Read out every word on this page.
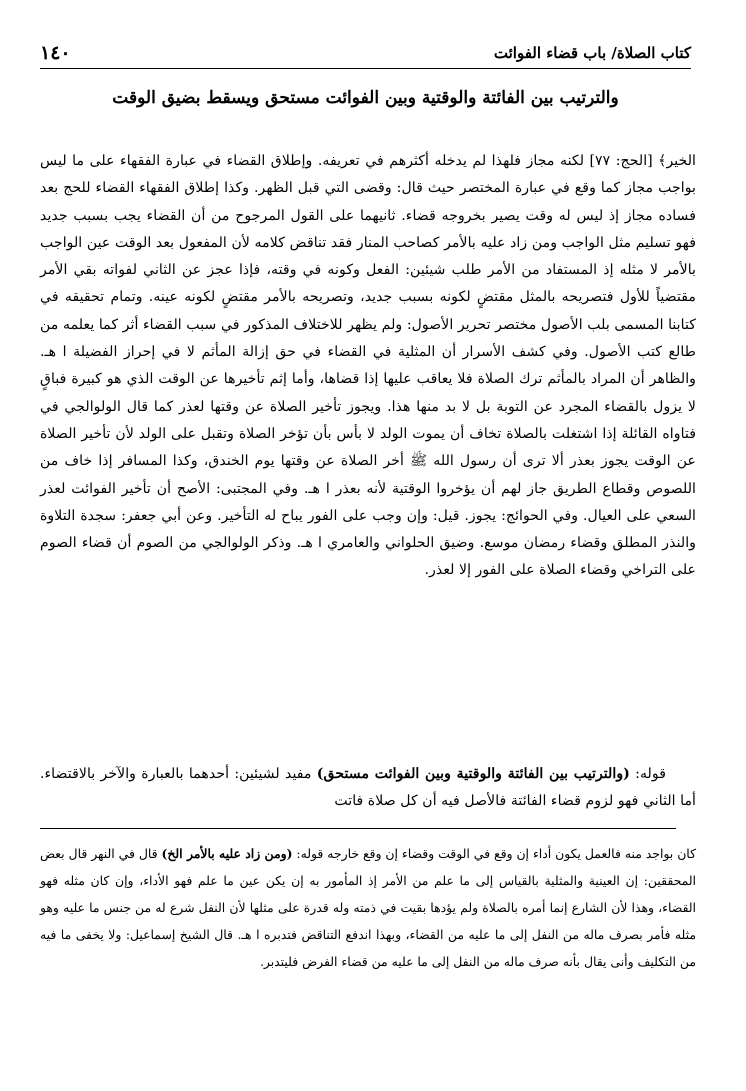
كتاب الصلاة/ باب قضاء الفوائت
١٤٠
والترتيب بين الفائتة والوقتية وبين الفوائت مستحق ويسقط بضيق الوقت

الخير﴾ [الحج: ٧٧] لكنه مجاز فلهذا لم يدخله أكثرهم في تعريفه. وإطلاق القضاء في عبارة الفقهاء على ما ليس بواجب مجاز كما وقع في عبارة المختصر حيث قال: وقضى التي قبل الظهر. وكذا إطلاق الفقهاء القضاء للحج بعد فساده مجاز إذ ليس له وقت يصير بخروجه قضاء. ثانيهما على القول المرجوح من أن القضاء يجب بسبب جديد فهو تسليم مثل الواجب ومن زاد عليه بالأمر كصاحب المنار فقد تناقض كلامه لأن المفعول بعد الوقت عين الواجب بالأمر لا مثله إذ المستفاد من الأمر طلب شيئين: الفعل وكونه في وقته، فإذا عجز عن الثاني لفواته بقي الأمر مقتضياً للأول فتصريحه بالمثل مقتضٍ لكونه بسبب جديد، وتصريحه بالأمر مقتضٍ لكونه عينه. وتمام تحقيقه في كتابنا المسمى بلب الأصول مختصر تحرير الأصول: ولم يظهر للاختلاف المذكور في سبب القضاء أثر كما يعلمه من طالع كتب الأصول. وفي كشف الأسرار أن المثلية في القضاء في حق إزالة المأثم لا في إحراز الفضيلة ا هـ. والظاهر أن المراد بالمأثم ترك الصلاة فلا يعاقب عليها إذا قضاها، وأما إثم تأخيرها عن الوقت الذي هو كبيرة فباقٍ لا يزول بالقضاء المجرد عن التوبة بل لا بد منها هذا. ويجوز تأخير الصلاة عن وقتها لعذر كما قال الولوالجي في فتاواه القائلة إذا اشتغلت بالصلاة تخاف أن يموت الولد لا بأس بأن تؤخر الصلاة وتقبل على الولد لأن تأخير الصلاة عن الوقت يجوز بعذر ألا ترى أن رسول الله ﷺ أخر الصلاة عن وقتها يوم الخندق، وكذا المسافر إذا خاف من اللصوص وقطاع الطريق جاز لهم أن يؤخروا الوقتية لأنه بعذر ا هـ. وفي المجتبى: الأصح أن تأخير الفوائت لعذر السعي على العيال. وفي الحوائج: يجوز. قيل: وإن وجب على الفور يباح له التأخير. وعن أبي جعفر: سجدة التلاوة والنذر المطلق وقضاء رمضان موسع. وضيق الحلواني والعامري ا هـ. وذكر الولوالجي من الصوم أن قضاء الصوم على التراخي وقضاء الصلاة على الفور إلا لعذر.

قوله: (والترتيب بين الفائتة والوقتية وبين الفوائت مستحق) مفيد لشيئين: أحدهما بالعبارة والآخر بالاقتضاء. أما الثاني فهو لزوم قضاء الفائتة فالأصل فيه أن كل صلاة فاتت

كان بواجد منه فالعمل يكون أداء إن وقع في الوقت وقضاء إن وقع خارجه قوله: (ومن زاد عليه بالأمر الخ) قال في النهر قال بعض المحققين: إن العينية والمثلية بالقياس إلى ما علم من الأمر إذ المأمور به إن يكن عين ما علم فهو الأداء، وإن كان مثله فهو القضاء، وهذا لأن الشارع إنما أمره بالصلاة ولم يؤدها بقيت في ذمته وله قدرة على مثلها لأن النفل شرع له من جنس ما عليه وهو مثله فأمر بصرف ماله من النفل إلى ما عليه من القضاء، وبهذا اندفع التناقض فتدبره ا هـ. قال الشيخ إسماعيل: ولا يخفى ما فيه من التكليف وأنى يقال بأنه صرف ماله من النفل إلى ما عليه من قضاء الفرض فليتدبر.
